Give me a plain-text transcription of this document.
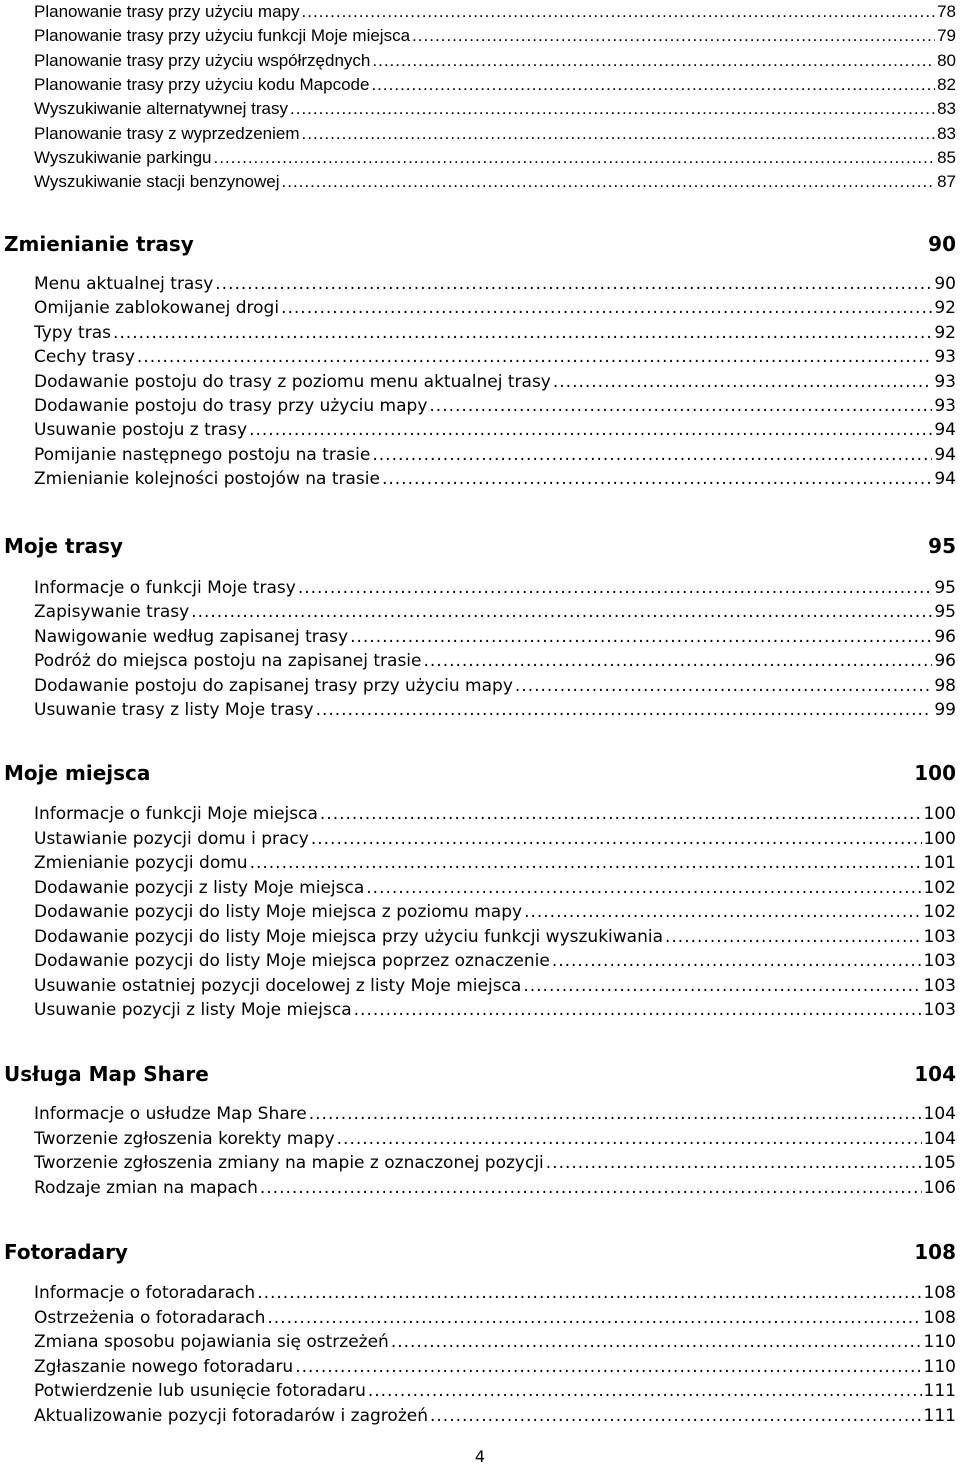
Planowanie trasy przy użyciu mapy .....	78
Planowanie trasy przy użyciu funkcji Moje miejsca .....	79
Planowanie trasy przy użyciu współrzędnych .....	80
Planowanie trasy przy użyciu kodu Mapcode .....	82
Wyszukiwanie alternatywnej trasy .....	83
Planowanie trasy z wyprzedzeniem .....	83
Wyszukiwanie parkingu .....	85
Wyszukiwanie stacji benzynowej .....	87
Zmienianie trasy	90
Menu aktualnej trasy .....	90
Omijanie zablokowanej drogi .....	92
Typy tras .....	92
Cechy trasy .....	93
Dodawanie postoju do trasy z poziomu menu aktualnej trasy .....	93
Dodawanie postoju do trasy przy użyciu mapy .....	93
Usuwanie postoju z trasy .....	94
Pomijanie następnego postoju na trasie .....	94
Zmienianie kolejności postojów na trasie .....	94
Moje trasy	95
Informacje o funkcji Moje trasy .....	95
Zapisywanie trasy .....	95
Nawigowanie według zapisanej trasy .....	96
Podróż do miejsca postoju na zapisanej trasie .....	96
Dodawanie postoju do zapisanej trasy przy użyciu mapy .....	98
Usuwanie trasy z listy Moje trasy .....	99
Moje miejsca	100
Informacje o funkcji Moje miejsca .....	100
Ustawianie pozycji domu i pracy .....	100
Zmienianie pozycji domu .....	101
Dodawanie pozycji z listy Moje miejsca .....	102
Dodawanie pozycji do listy Moje miejsca z poziomu mapy .....	102
Dodawanie pozycji do listy Moje miejsca przy użyciu funkcji wyszukiwania .....	103
Dodawanie pozycji do listy Moje miejsca poprzez oznaczenie .....	103
Usuwanie ostatniej pozycji docelowej z listy Moje miejsca .....	103
Usuwanie pozycji z listy Moje miejsca .....	103
Usługa Map Share	104
Informacje o usłudze Map Share .....	104
Tworzenie zgłoszenia korekty mapy .....	104
Tworzenie zgłoszenia zmiany na mapie z oznaczonej pozycji .....	105
Rodzaje zmian na mapach .....	106
Fotoradary	108
Informacje o fotoradarach .....	108
Ostrzeżenia o fotoradarach .....	108
Zmiana sposobu pojawiania się ostrzeżeń .....	110
Zgłaszanie nowego fotoradaru .....	110
Potwierdzenie lub usunięcie fotoradaru .....	111
Aktualizowanie pozycji fotoradarów i zagrożeń .....	111
4
